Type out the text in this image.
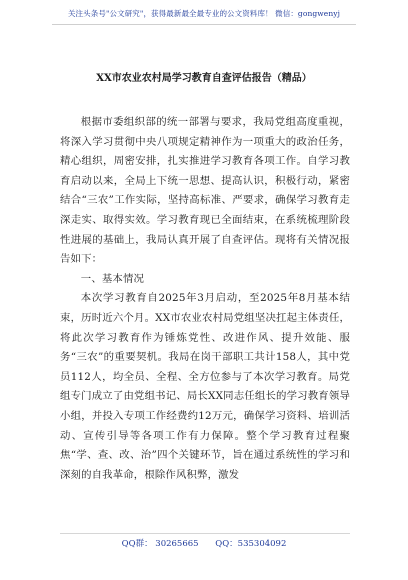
关注头条号"公文研究"，获得最新最全最专业的公文资料库！ 微信：gongwenyj
XX市农业农村局学习教育自查评估报告（精品）

根据市委组织部的统一部署与要求，我局党组高度重视，将深入学习贯彻中央八项规定精神作为一项重大的政治任务，精心组织，周密安排，扎实推进学习教育各项工作。自学习教育启动以来，全局上下统一思想、提高认识，积极行动，紧密结合“三农”工作实际，坚持高标准、严要求，确保学习教育走深走实、取得实效。学习教育现已全面结束，在系统梳理阶段性进展的基础上，我局认真开展了自查评估。现将有关情况报告如下：

一、基本情况

本次学习教育自2025年3月启动，至2025年8月基本结束，历时近六个月。XX市农业农村局党组坚决扛起主体责任，将此次学习教育作为锤炼党性、改进作风、提升效能、服务“三农”的重要契机。我局在岗干部职工共计158人，其中党员112人，均全员、全程、全方位参与了本次学习教育。局党组专门成立了由党组书记、局长XX同志任组长的学习教育领导小组，并投入专项工作经费约12万元，确保学习资料、培训活动、宣传引导等各项工作有力保障。整个学习教育过程聚焦“学、查、改、治”四个关键环节，旨在通过系统性的学习和深刻的自我革命，根除作风积弊，激发

QQ群： 30265665 QQ：535304092
